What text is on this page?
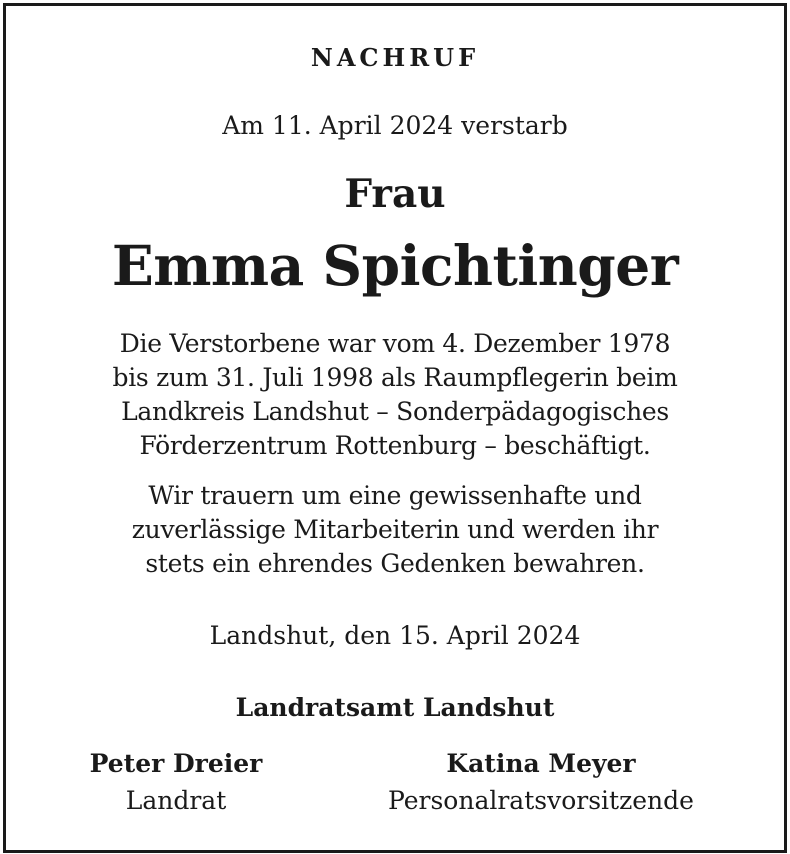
NACHRUF
Am 11. April 2024 verstarb
Frau
Emma Spichtinger
Die Verstorbene war vom 4. Dezember 1978
bis zum 31. Juli 1998 als Raumpflegerin beim
Landkreis Landshut – Sonderpädagogisches
Förderzentrum Rottenburg – beschäftigt.
Wir trauern um eine gewissenhafte und
zuverlässige Mitarbeiterin und werden ihr
stets ein ehrendes Gedenken bewahren.
Landshut, den 15. April 2024
Landratsamt Landshut
Peter Dreier
Landrat
Katina Meyer
Personalratsvorsitzende
